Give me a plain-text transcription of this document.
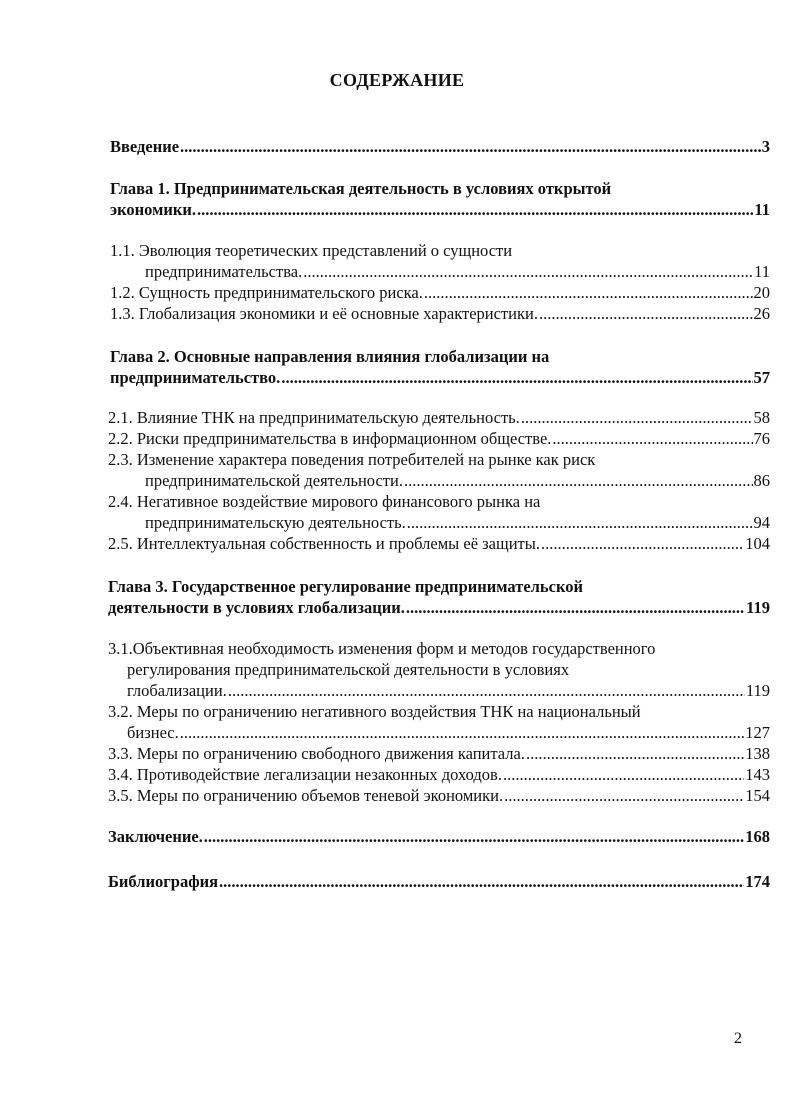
СОДЕРЖАНИЕ
Введение .....	3
Глава 1. Предпринимательская деятельность в условиях открытой
экономики. .....	11
1.1. Эволюция теоретических представлений о сущности
предпринимательства. .....	11
1.2. Сущность предпринимательского риска. .....	20
1.3. Глобализация экономики и её основные характеристики. .....	26
Глава 2. Основные направления влияния глобализации на
предпринимательство. .....	57
2.1. Влияние ТНК на предпринимательскую деятельность. .....	58
2.2. Риски предпринимательства в информационном обществе. .....	76
2.3. Изменение характера поведения потребителей на рынке как риск
предпринимательской деятельности. .....	86
2.4. Негативное воздействие мирового финансового рынка на
предпринимательскую деятельность. .....	94
2.5. Интеллектуальная собственность и проблемы её защиты. .....	104
Глава 3. Государственное регулирование предпринимательской
деятельности в условиях глобализации. .....	119
3.1.Объективная необходимость изменения форм и методов государственного
регулирования предпринимательской деятельности в условиях
глобализации. .....	119
3.2. Меры по ограничению негативного воздействия ТНК на национальный
бизнес. .....	127
3.3. Меры по ограничению свободного движения капитала. .....	138
3.4. Противодействие легализации незаконных доходов. .....	143
3.5. Меры по ограничению объемов теневой экономики. .....	154
Заключение. .....	168
Библиография .....	174
2
